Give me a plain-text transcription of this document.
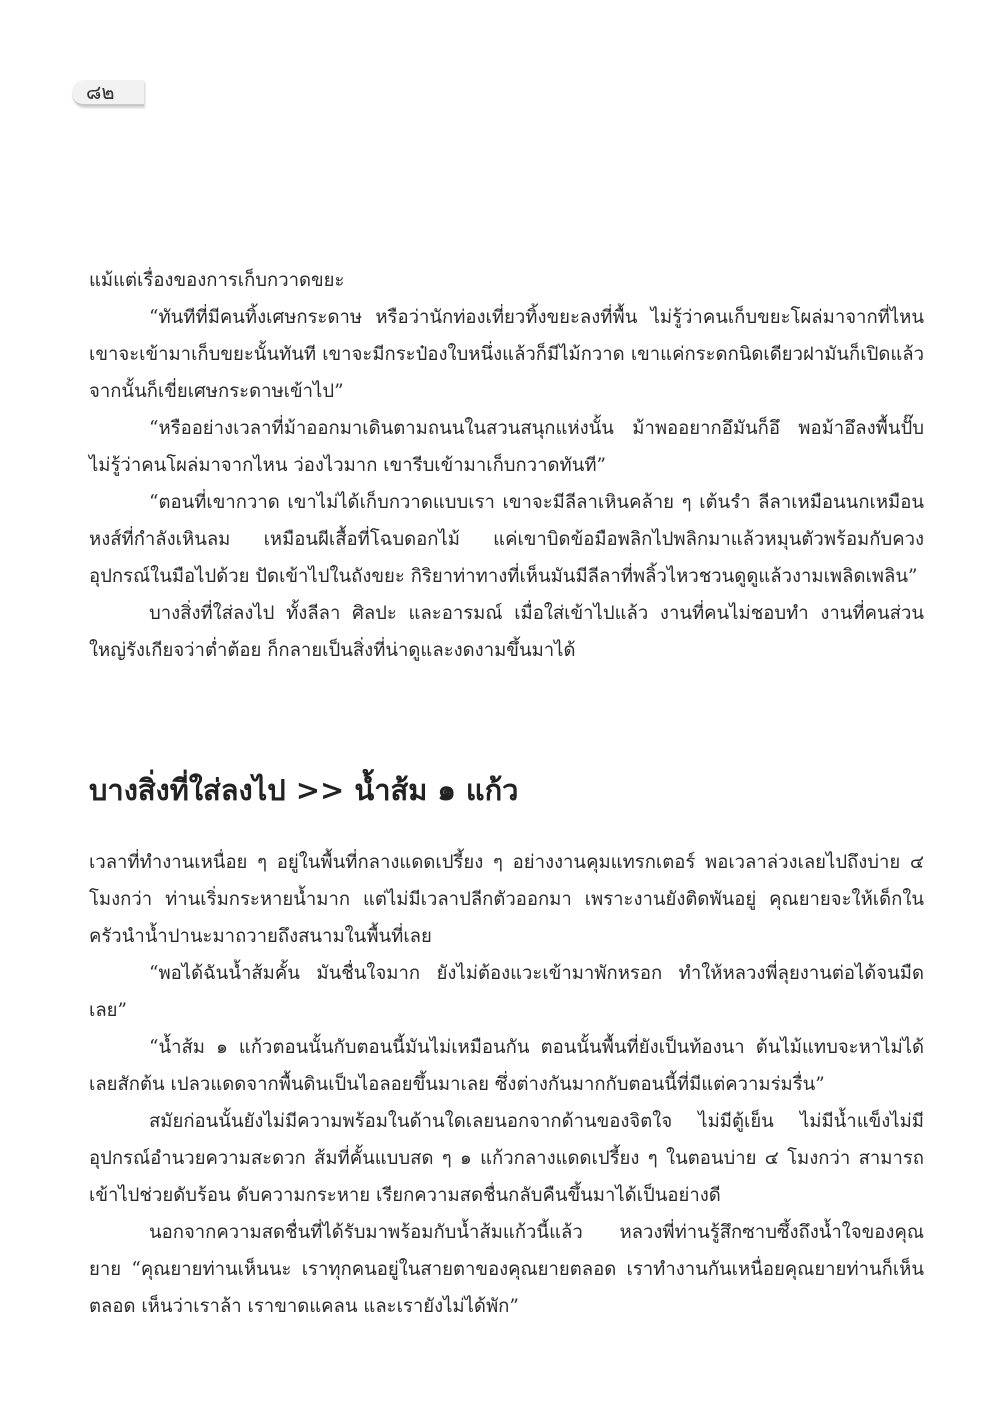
๘๒

แม้แต่เรื่องของการเก็บกวาดขยะ

“ทันทีที่มีคนทิ้งเศษกระดาษ หรือว่านักท่องเที่ยวทิ้งขยะลงที่พื้น ไม่รู้ว่าคนเก็บขยะโผล่มาจากที่ไหน เขาจะเข้ามาเก็บขยะนั้นทันที เขาจะมีกระป๋องใบหนึ่งแล้วก็มีไม้กวาด เขาแค่กระดกนิดเดียวฝามันก็เปิดแล้ว จากนั้นก็เขี่ยเศษกระดาษเข้าไป”

“หรืออย่างเวลาที่ม้าออกมาเดินตามถนนในสวนสนุกแห่งนั้น ม้าพออยากอึมันก็อึ พอม้าอึลงพื้นปั๊บ ไม่รู้ว่าคนโผล่มาจากไหน ว่องไวมาก เขารีบเข้ามาเก็บกวาดทันที”

“ตอนที่เขากวาด เขาไม่ได้เก็บกวาดแบบเรา เขาจะมีลีลาเหินคล้าย ๆ เต้นรำ ลีลาเหมือนนกเหมือนหงส์ที่กำลังเหินลม เหมือนผีเสื้อที่โฉบดอกไม้ แค่เขาบิดข้อมือพลิกไปพลิกมาแล้วหมุนตัวพร้อมกับควงอุปกรณ์ในมือไปด้วย ปัดเข้าไปในถังขยะ กิริยาท่าทางที่เห็นมันมีลีลาที่พลิ้วไหวชวนดูดูแล้วงามเพลิดเพลิน”

บางสิ่งที่ใส่ลงไป ทั้งลีลา ศิลปะ และอารมณ์ เมื่อใส่เข้าไปแล้ว งานที่คนไม่ชอบทำ งานที่คนส่วนใหญ่รังเกียจว่าต่ำต้อย ก็กลายเป็นสิ่งที่น่าดูและงดงามขึ้นมาได้

บางสิ่งที่ใส่ลงไป >> น้ำส้ม ๑ แก้ว

เวลาที่ทำงานเหนื่อย ๆ อยู่ในพื้นที่กลางแดดเปรี้ยง ๆ อย่างงานคุมแทรกเตอร์ พอเวลาล่วงเลยไปถึงบ่าย ๔ โมงกว่า ท่านเริ่มกระหายน้ำมาก แต่ไม่มีเวลาปลีกตัวออกมา เพราะงานยังติดพันอยู่ คุณยายจะให้เด็กในครัวนำน้ำปานะมาถวายถึงสนามในพื้นที่เลย

“พอได้ฉันน้ำส้มคั้น มันชื่นใจมาก ยังไม่ต้องแวะเข้ามาพักหรอก ทำให้หลวงพี่ลุยงานต่อได้จนมืดเลย”

“น้ำส้ม ๑ แก้วตอนนั้นกับตอนนี้มันไม่เหมือนกัน ตอนนั้นพื้นที่ยังเป็นท้องนา ต้นไม้แทบจะหาไม่ได้เลยสักต้น เปลวแดดจากพื้นดินเป็นไอลอยขึ้นมาเลย ซึ่งต่างกันมากกับตอนนี้ที่มีแต่ความร่มรื่น”

สมัยก่อนนั้นยังไม่มีความพร้อมในด้านใดเลยนอกจากด้านของจิตใจ ไม่มีตู้เย็น ไม่มีน้ำแข็งไม่มีอุปกรณ์อำนวยความสะดวก ส้มที่คั้นแบบสด ๆ ๑ แก้วกลางแดดเปรี้ยง ๆ ในตอนบ่าย ๔ โมงกว่า สามารถเข้าไปช่วยดับร้อน ดับความกระหาย เรียกความสดชื่นกลับคืนขึ้นมาได้เป็นอย่างดี

นอกจากความสดชื่นที่ได้รับมาพร้อมกับน้ำส้มแก้วนี้แล้ว หลวงพี่ท่านรู้สึกซาบซึ้งถึงน้ำใจของคุณยาย “คุณยายท่านเห็นนะ เราทุกคนอยู่ในสายตาของคุณยายตลอด เราทำงานกันเหนื่อยคุณยายท่านก็เห็นตลอด เห็นว่าเราล้า เราขาดแคลน และเรายังไม่ได้พัก”
